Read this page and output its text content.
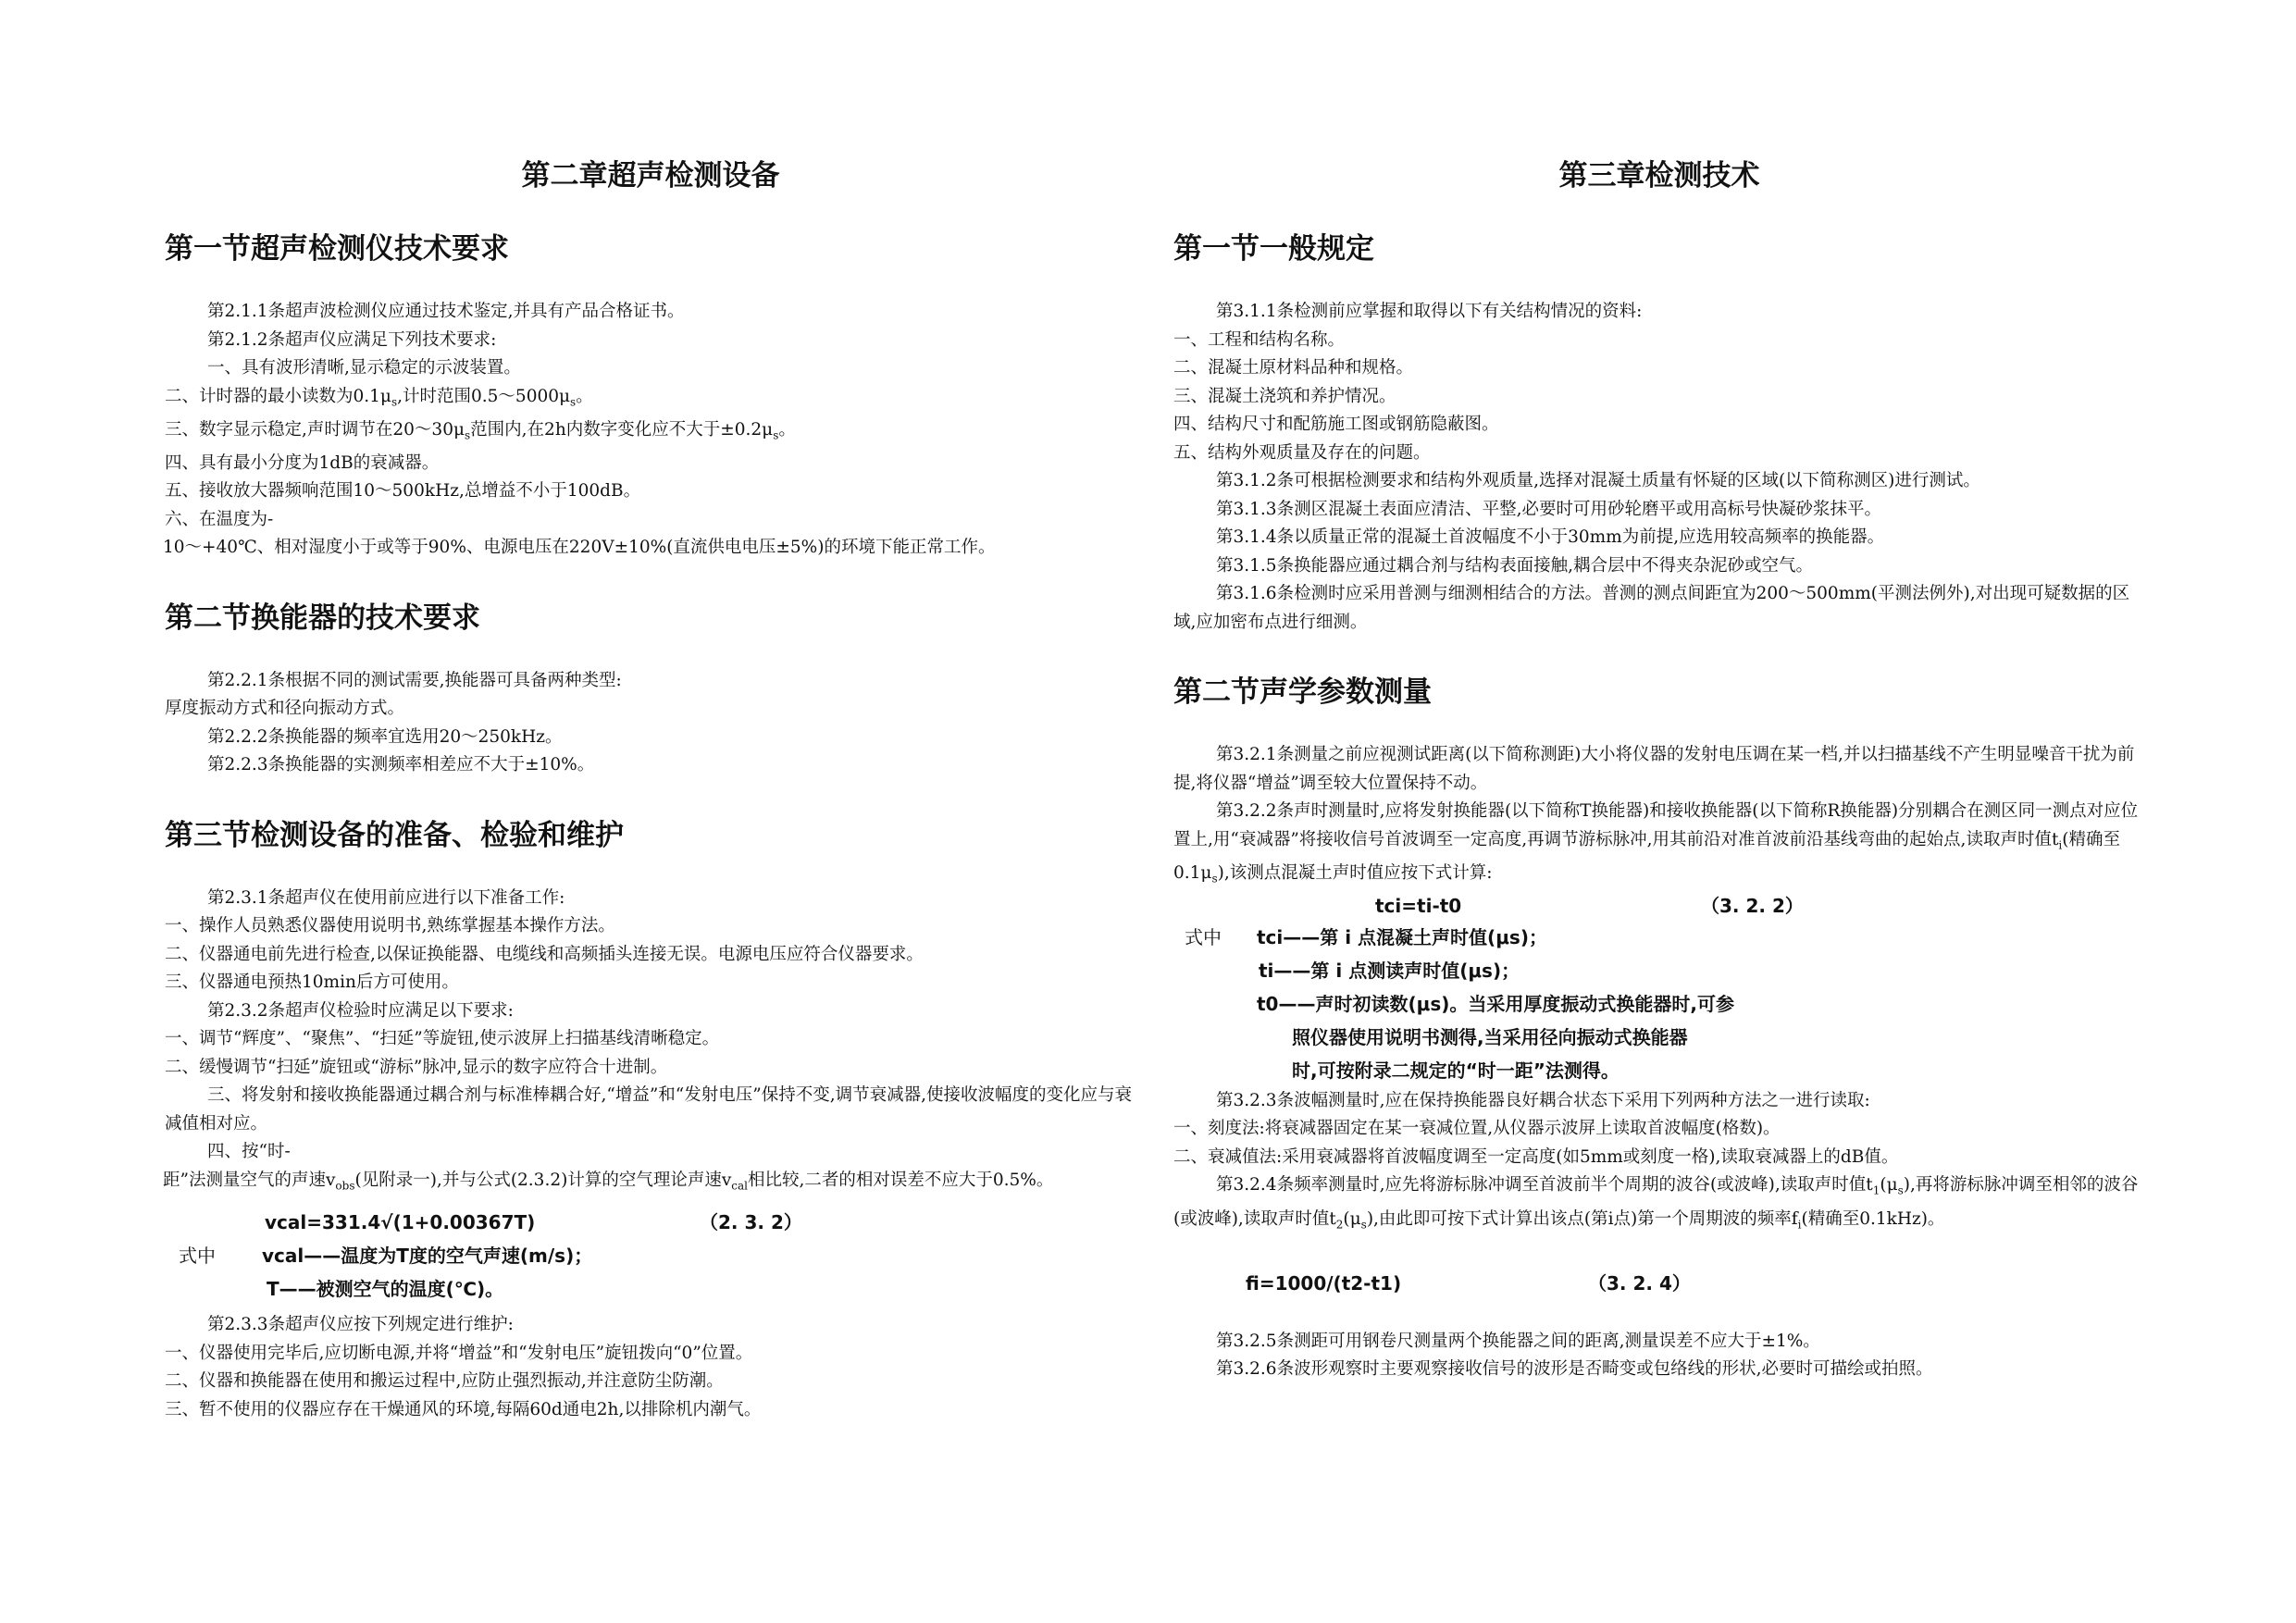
第二章超声检测设备
第一节超声检测仪技术要求

第2.1.1条超声波检测仪应通过技术鉴定,并具有产品合格证书。

第2.1.2条超声仪应满足下列技术要求:

一、具有波形清晰,显示稳定的示波装置。

二、计时器的最小读数为$0.1\mu_s$,计时范围$0.5\sim 5000\mu_s$。

三、数字显示稳定,声时调节在$20\sim 30\mu_s$范围内,在2h内数字变化应不大于$\pm 0.2\mu_s$。

四、具有最小分度为1dB的衰减器。

五、接收放大器频响范围10～500kHz,总增益不小于100dB。

六、在温度为-

10～+40℃、相对湿度小于或等于90%、电源电压在220V±10%(直流供电电压±5%)的环境下能正常工作。

第二节换能器的技术要求

第2.2.1条根据不同的测试需要,换能器可具备两种类型:

厚度振动方式和径向振动方式。

第2.2.2条换能器的频率宜选用20～250kHz。

第2.2.3条换能器的实测频率相差应不大于±10%。

第三节检测设备的准备、检验和维护

第2.3.1条超声仪在使用前应进行以下准备工作:

一、操作人员熟悉仪器使用说明书,熟练掌握基本操作方法。

二、仪器通电前先进行检查,以保证换能器、电缆线和高频插头连接无误。电源电压应符合仪器要求。

三、仪器通电预热10min后方可使用。

第2.3.2条超声仪检验时应满足以下要求:

一、调节“辉度”、“聚焦”、“扫延”等旋钮,使示波屏上扫描基线清晰稳定。

二、缓慢调节“扫延”旋钮或“游标”脉冲,显示的数字应符合十进制。

三、将发射和接收换能器通过耦合剂与标准棒耦合好,“增益”和“发射电压”保持不变,调节衰减器,使接收波幅度的变化应与衰减值相对应。

四、按“时-

距”法测量空气的声速$v_{obs}$(见附录一),并与公式(2.3.2)计算的空气理论声速$v_{cal}$相比较,二者的相对误差不应大于0.5%。

vcal=331.4√(1+0.00367T)	（2. 3. 2）
式中	vcal——温度为T度的空气声速(m/s)；
T——被测空气的温度(℃)。

第2.3.3条超声仪应按下列规定进行维护:

一、仪器使用完毕后,应切断电源,并将“增益”和“发射电压”旋钮拨向“0”位置。

二、仪器和换能器在使用和搬运过程中,应防止强烈振动,并注意防尘防潮。

三、暂不使用的仪器应存在干燥通风的环境,每隔60d通电2h,以排除机内潮气。

第三章检测技术
第一节一般规定

第3.1.1条检测前应掌握和取得以下有关结构情况的资料:

一、工程和结构名称。

二、混凝土原材料品种和规格。

三、混凝土浇筑和养护情况。

四、结构尺寸和配筋施工图或钢筋隐蔽图。

五、结构外观质量及存在的问题。

第3.1.2条可根据检测要求和结构外观质量,选择对混凝土质量有怀疑的区域(以下简称测区)进行测试。

第3.1.3条测区混凝土表面应清洁、平整,必要时可用砂轮磨平或用高标号快凝砂浆抹平。

第3.1.4条以质量正常的混凝土首波幅度不小于30mm为前提,应选用较高频率的换能器。

第3.1.5条换能器应通过耦合剂与结构表面接触,耦合层中不得夹杂泥砂或空气。

第3.1.6条检测时应采用普测与细测相结合的方法。普测的测点间距宜为200～500mm(平测法例外),对出现可疑数据的区域,应加密布点进行细测。

第二节声学参数测量

第3.2.1条测量之前应视测试距离(以下简称测距)大小将仪器的发射电压调在某一档,并以扫描基线不产生明显噪音干扰为前提,将仪器“增益”调至较大位置保持不动。

第3.2.2条声时测量时,应将发射换能器(以下简称T换能器)和接收换能器(以下简称R换能器)分别耦合在测区同一测点对应位置上,用“衰减器”将接收信号首波调至一定高度,再调节游标脉冲,用其前沿对准首波前沿基线弯曲的起始点,读取声时值$t_i$(精确至$0.1\mu_s$),该测点混凝土声时值应按下式计算:

tci=ti-t0	（3. 2. 2）
式中 tci——第 i 点混凝土声时值(μs)；
ti——第 i 点测读声时值(μs)；
t0——声时初读数(μs)。当采用厚度振动式换能器时,可参
照仪器使用说明书测得,当采用径向振动式换能器
时,可按附录二规定的“时一距”法测得。

第3.2.3条波幅测量时,应在保持换能器良好耦合状态下采用下列两种方法之一进行读取:

一、刻度法:将衰减器固定在某一衰减位置,从仪器示波屏上读取首波幅度(格数)。

二、衰减值法:采用衰减器将首波幅度调至一定高度(如5mm或刻度一格),读取衰减器上的dB值。

第3.2.4条频率测量时,应先将游标脉冲调至首波前半个周期的波谷(或波峰),读取声时值$t_1(\mu_s)$,再将游标脉冲调至相邻的波谷(或波峰),读取声时值$t_2(\mu_s)$,由此即可按下式计算出该点(第i点)第一个周期波的频率$f_i$(精确至0.1kHz)。

fi=1000/(t2-t1)	（3. 2. 4）

第3.2.5条测距可用钢卷尺测量两个换能器之间的距离,测量误差不应大于±1%。

第3.2.6条波形观察时主要观察接收信号的波形是否畸变或包络线的形状,必要时可描绘或拍照。
